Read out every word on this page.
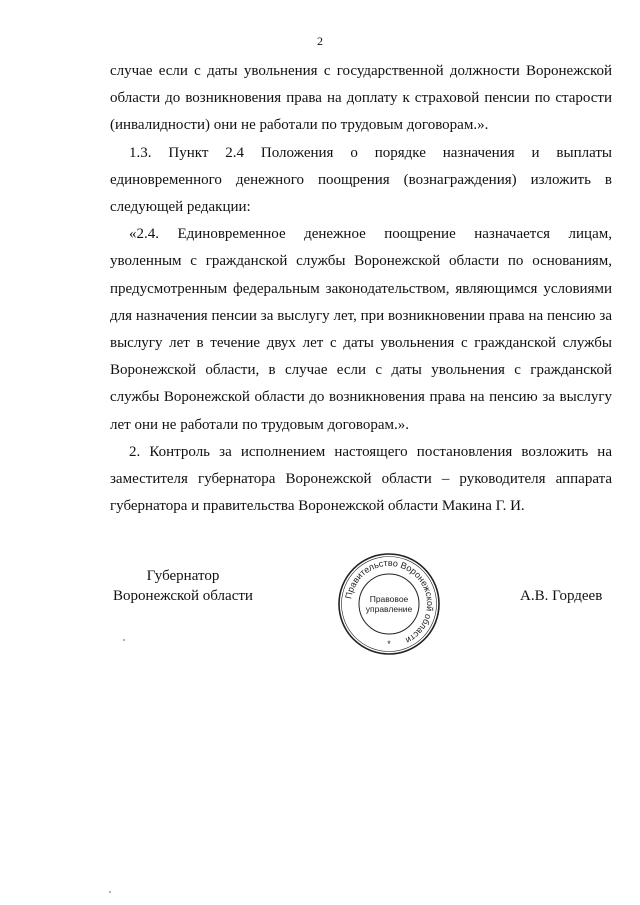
2

случае если с даты увольнения с государственной должности Воронежской области до возникновения права на доплату к страховой пенсии по старости (инвалидности) они не работали по трудовым договорам.».

1.3. Пункт 2.4 Положения о порядке назначения и выплаты единовременного денежного поощрения (вознаграждения) изложить в следующей редакции:

«2.4. Единовременное денежное поощрение назначается лицам, уволенным с гражданской службы Воронежской области по основаниям, предусмотренным федеральным законодательством, являющимся условиями для назначения пенсии за выслугу лет, при возникновении права на пенсию за выслугу лет в течение двух лет с даты увольнения с гражданской службы Воронежской области, в случае если с даты увольнения с гражданской службы Воронежской области до возникновения права на пенсию за выслугу лет они не работали по трудовым договорам.».

2. Контроль за исполнением настоящего постановления возложить на заместителя губернатора Воронежской области – руководителя аппарата губернатора и правительства Воронежской области Макина Г. И.

Губернатор
Воронежской области	Правительство Воронежской области
Правовое
управление
*
А.В. Гордеев
